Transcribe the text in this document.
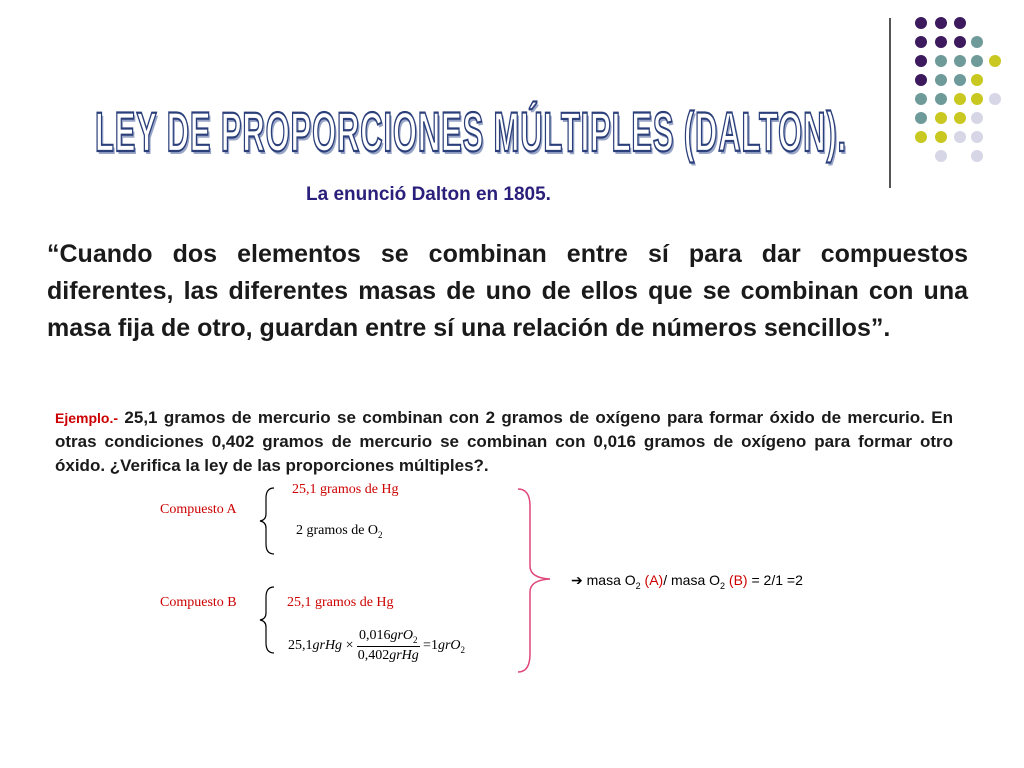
LEY DE PROPORCIONES MÚLTIPLES (DALTON).
La enunció Dalton en 1805.
“Cuando dos elementos se combinan entre sí para dar compuestos diferentes, las diferentes masas de uno de ellos que se combinan con una masa fija de otro, guardan entre sí una relación de números sencillos”.
Ejemplo.- 25,1 gramos de mercurio se combinan con 2 gramos de oxígeno para formar óxido de mercurio. En otras condiciones 0,402 gramos de mercurio se combinan con 0,016 gramos de oxígeno para formar otro óxido. ¿Verifica la ley de las proporciones múltiples?.
Compuesto A
25,1 gramos de Hg
2 gramos de $O_2$
Compuesto B	25,1 gramos de Hg
25,1grHg × $\frac{0,016grO_2}{\text{0,402grHg}} =1grO_2$
➔ masa $O_2$ (A)/ masa $O_2$ (B) = 2/1 =2
